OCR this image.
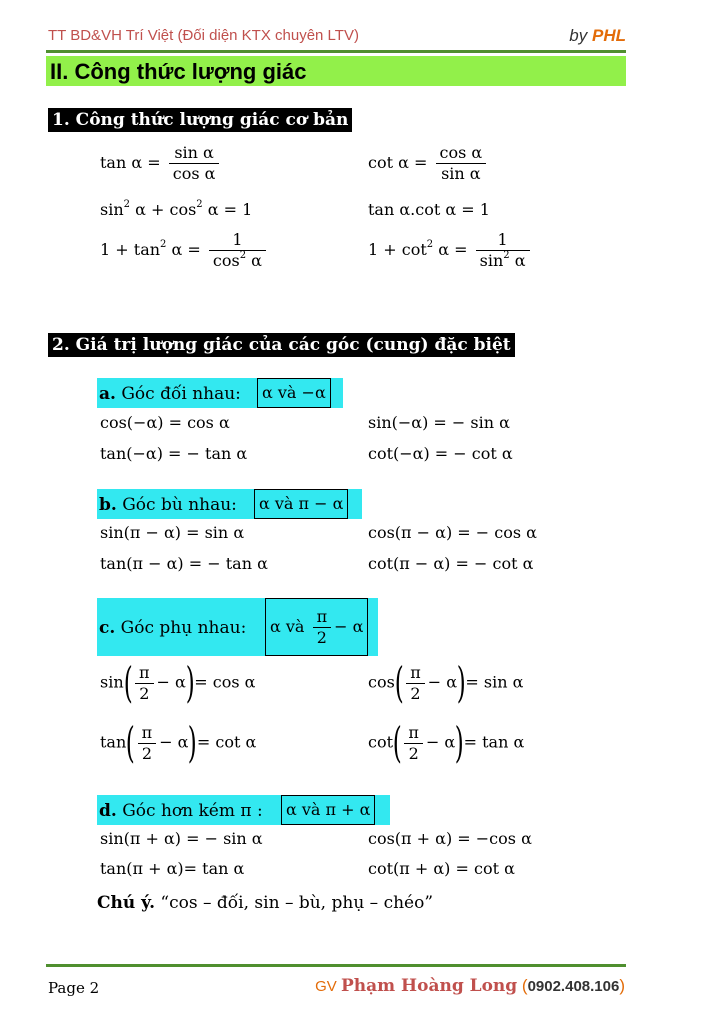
TT BD&VH Trí Việt (Đối diện KTX chuyên LTV)	by PHL
II. Công thức lượng giác
1. Công thức lượng giác cơ bản
$\tan \alpha = \frac{\text{sin α}}{\text{cos α}}$	$\cot \alpha = \frac{\text{cos α}}{\text{sin α}}$
$\sin^2 \alpha + \cos^2 \alpha = 1$	tan α.cot α = 1
$1 + \tan^2 \alpha = \frac{1}{\cos^2 \alpha}$	$1 + \cot^2 \alpha = \frac{1}{\sin^2 \alpha}$
2. Giá trị lượng giác của các góc (cung) đặc biệt
a. Góc đối nhau:	α và −α
cos(−α) = cos α	sin(−α) = − sin α
tan(−α) = − tan α	cot(−α) = − cot α
b. Góc bù nhau:	α và π − α
sin(π − α) = sin α	cos(π − α) = − cos α
tan(π − α) = − tan α	cot(π − α) = − cot α
c. Góc phụ nhau:	α và $\frac{\pi}{2} - \alpha$
$\sin( \frac{\pi}{2} - \alpha)= \cos \alpha$	$\cos( \frac{\pi}{2} - \alpha)= \sin \alpha$
$\tan( \frac{\pi}{2} - \alpha)= \cot \alpha$	$\cot( \frac{\pi}{2} - \alpha)= \tan \alpha$
d. Góc hơn kém π :	α và π + α
sin(π + α) = − sin α	cos(π + α) = −cos α
tan(π + α)= tan α	cot(π + α) = cot α
Chú ý. “cos – đối, sin – bù, phụ – chéo”
Page 2	GV Phạm Hoàng Long (0902.408.106)
